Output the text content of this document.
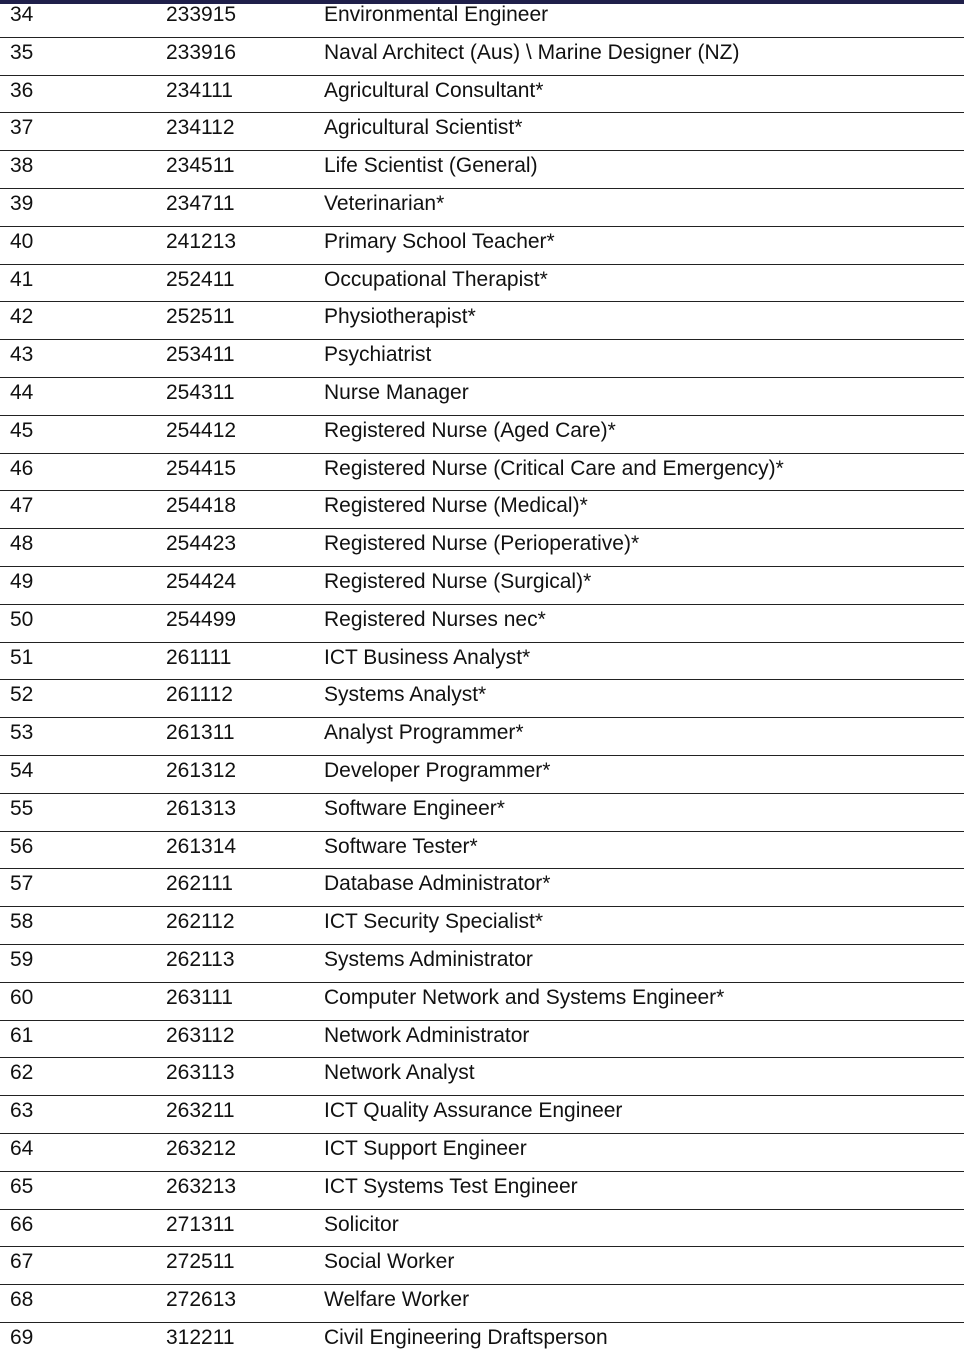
34	233915	Environmental Engineer
35	233916	Naval Architect (Aus) \ Marine Designer (NZ)
36	234111	Agricultural Consultant*
37	234112	Agricultural Scientist*
38	234511	Life Scientist (General)
39	234711	Veterinarian*
40	241213	Primary School Teacher*
41	252411	Occupational Therapist*
42	252511	Physiotherapist*
43	253411	Psychiatrist
44	254311	Nurse Manager
45	254412	Registered Nurse (Aged Care)*
46	254415	Registered Nurse (Critical Care and Emergency)*
47	254418	Registered Nurse (Medical)*
48	254423	Registered Nurse (Perioperative)*
49	254424	Registered Nurse (Surgical)*
50	254499	Registered Nurses nec*
51	261111	ICT Business Analyst*
52	261112	Systems Analyst*
53	261311	Analyst Programmer*
54	261312	Developer Programmer*
55	261313	Software Engineer*
56	261314	Software Tester*
57	262111	Database Administrator*
58	262112	ICT Security Specialist*
59	262113	Systems Administrator
60	263111	Computer Network and Systems Engineer*
61	263112	Network Administrator
62	263113	Network Analyst
63	263211	ICT Quality Assurance Engineer
64	263212	ICT Support Engineer
65	263213	ICT Systems Test Engineer
66	271311	Solicitor
67	272511	Social Worker
68	272613	Welfare Worker
69	312211	Civil Engineering Draftsperson
